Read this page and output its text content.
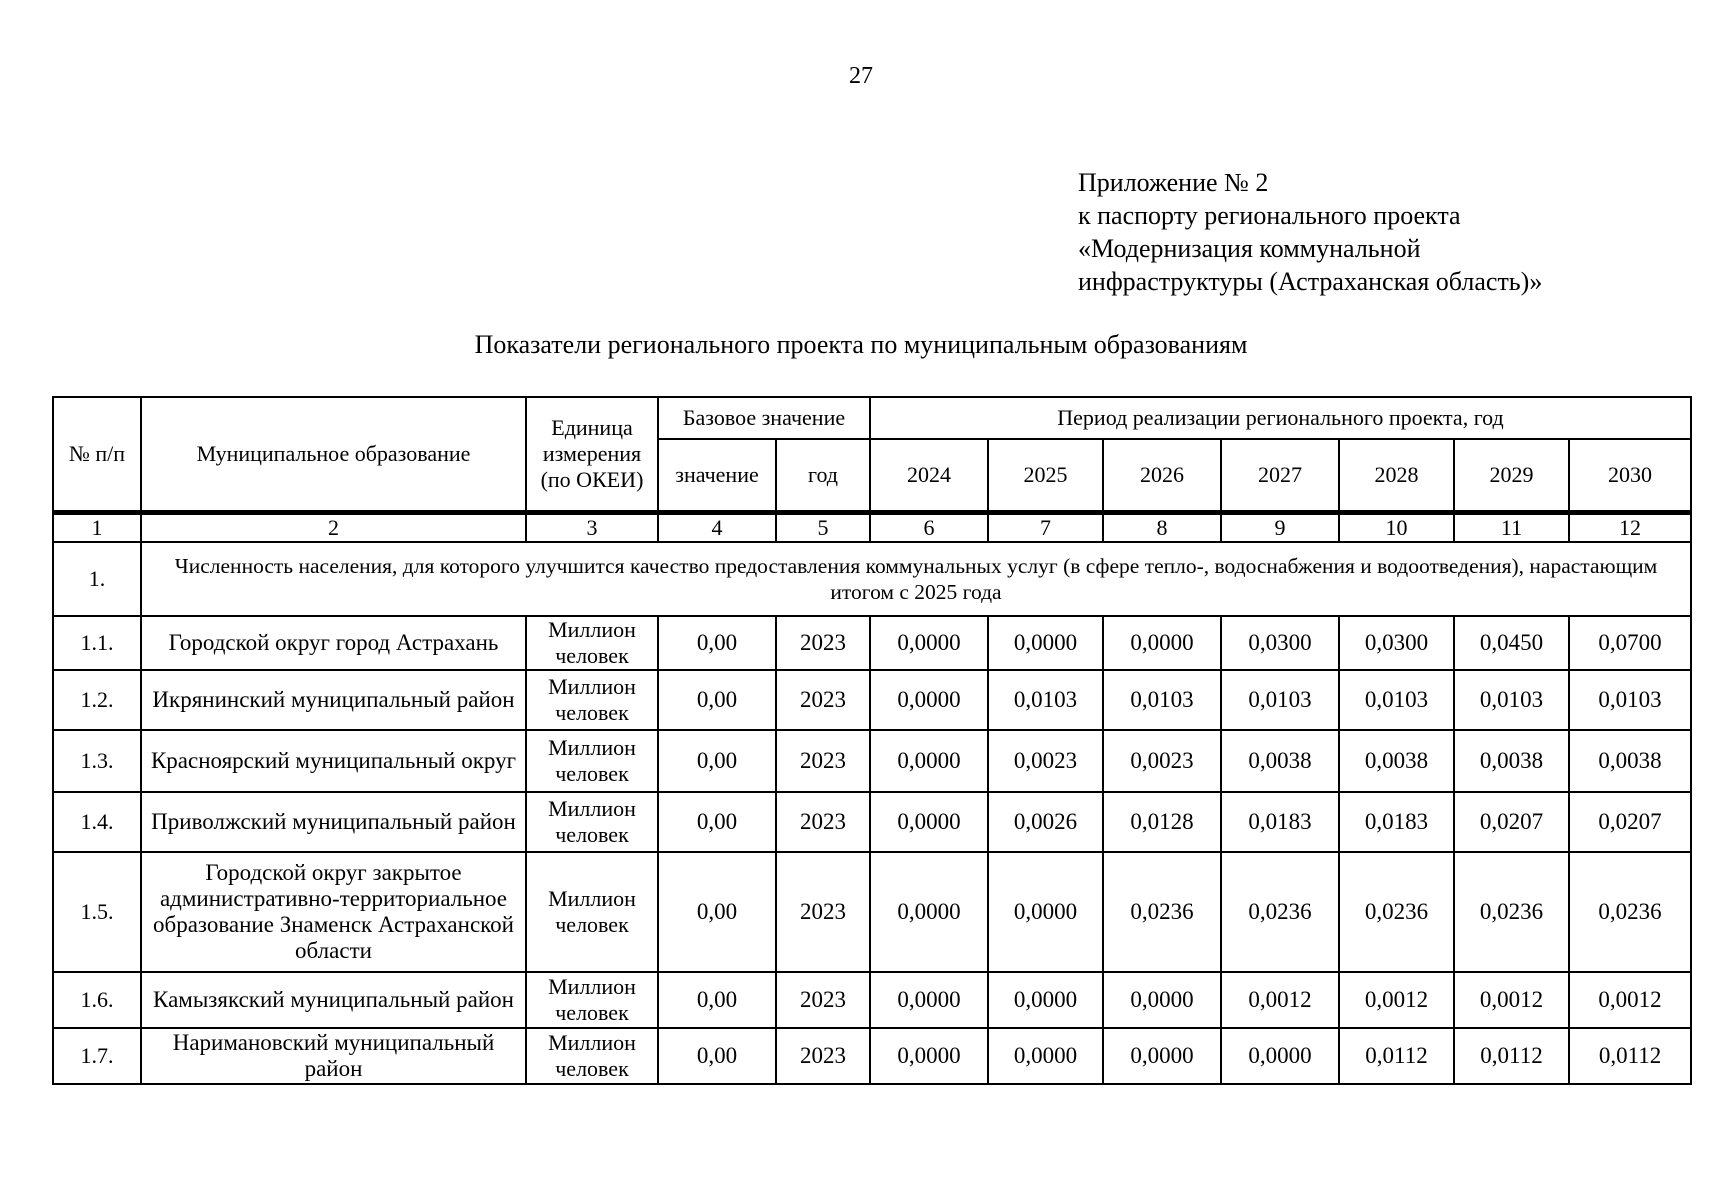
27
Приложение № 2
к паспорту регионального проекта
«Модернизация коммунальной
инфраструктуры (Астраханская область)»
Показатели регионального проекта по муниципальным образованиям
№ п/п	Муниципальное образование	Единица измерения (по ОКЕИ)	Базовое значение		Период реализации регионального проекта, год						
			значение	год	2024	2025	2026	2027	2028	2029	2030
1	2	3	4	5	6	7	8	9	10	11	12
1.	Численность населения, для которого улучшится качество предоставления коммунальных услуг (в сфере тепло-, водоснабжения и водоотведения), нарастающим итогом с 2025 года										
1.1.	Городской округ город Астрахань	Миллион человек	0,00	2023	0,0000	0,0000	0,0000	0,0300	0,0300	0,0450	0,0700
1.2.	Икрянинский муниципальный район	Миллион человек	0,00	2023	0,0000	0,0103	0,0103	0,0103	0,0103	0,0103	0,0103
1.3.	Красноярский муниципальный округ	Миллион человек	0,00	2023	0,0000	0,0023	0,0023	0,0038	0,0038	0,0038	0,0038
1.4.	Приволжский муниципальный район	Миллион человек	0,00	2023	0,0000	0,0026	0,0128	0,0183	0,0183	0,0207	0,0207
1.5.	Городской округ закрытое административно-территориальное образование Знаменск Астраханской области	Миллион человек	0,00	2023	0,0000	0,0000	0,0236	0,0236	0,0236	0,0236	0,0236
1.6.	Камызякский муниципальный район	Миллион человек	0,00	2023	0,0000	0,0000	0,0000	0,0012	0,0012	0,0012	0,0012
1.7.	Наримановский муниципальный район	Миллион человек	0,00	2023	0,0000	0,0000	0,0000	0,0000	0,0112	0,0112	0,0112
